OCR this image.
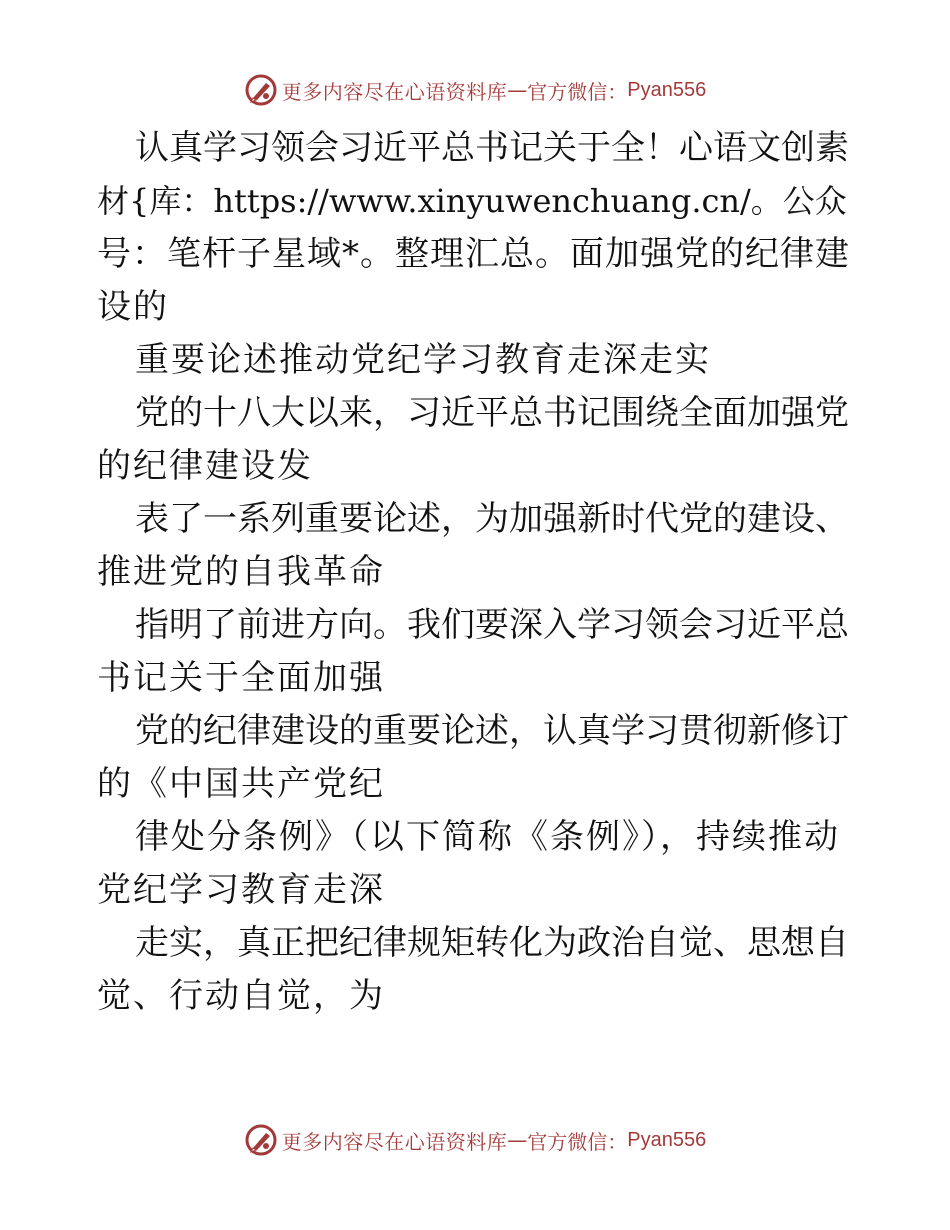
更多内容尽在心语资料库 — 官方微信： Pyan556
认真学习领会习近平总书记关于全！心语文创素
材{库：https://www.xinyuwenchuang.cn/。公众
号：笔杆子星域*。整理汇总。面加强党的纪律建
设的
重要论述推动党纪学习教育走深走实
党的十八大以来，习近平总书记围绕全面加强党
的纪律建设发
表了一系列重要论述，为加强新时代党的建设、
推进党的自我革命
指明了前进方向。我们要深入学习领会习近平总
书记关于全面加强
党的纪律建设的重要论述，认真学习贯彻新修订
的《中国共产党纪
律处分条例》（以下简称《条例》），持续推动
党纪学习教育走深
走实，真正把纪律规矩转化为政治自觉、思想自
觉、行动自觉，为
更多内容尽在心语资料库 — 官方微信： Pyan556
